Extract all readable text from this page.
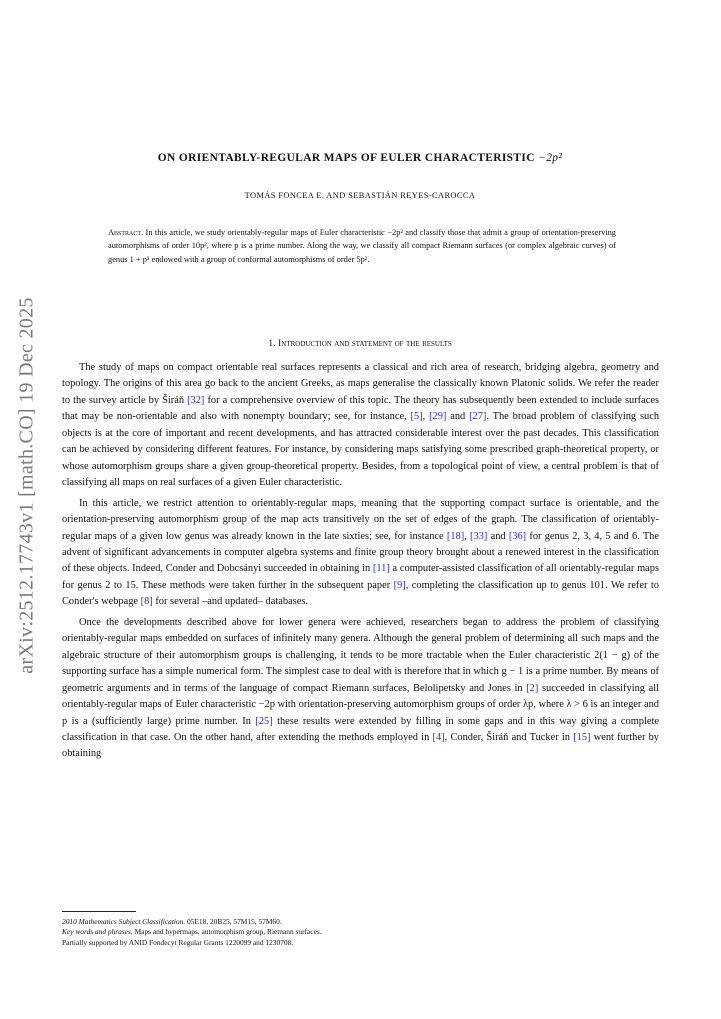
arXiv:2512.17743v1 [math.CO] 19 Dec 2025
ON ORIENTABLY-REGULAR MAPS OF EULER CHARACTERISTIC −2p²
TOMÁS FONCEA E. AND SEBASTIÁN REYES-CAROCCA
Abstract. In this article, we study orientably-regular maps of Euler characteristic −2p² and classify those that admit a group of orientation-preserving automorphisms of order 10p², where p is a prime number. Along the way, we classify all compact Riemann surfaces (or complex algebraic curves) of genus 1 + p² endowed with a group of conformal automorphisms of order 5p².
1. Introduction and statement of the results

The study of maps on compact orientable real surfaces represents a classical and rich area of research, bridging algebra, geometry and topology. The origins of this area go back to the ancient Greeks, as maps generalise the classically known Platonic solids. We refer the reader to the survey article by Širáň [32] for a comprehensive overview of this topic. The theory has subsequently been extended to include surfaces that may be non-orientable and also with nonempty boundary; see, for instance, [5], [29] and [27]. The broad problem of classifying such objects is at the core of important and recent developments, and has attracted considerable interest over the past decades. This classification can be achieved by considering different features. For instance, by considering maps satisfying some prescribed graph-theoretical property, or whose automorphism groups share a given group-theoretical property. Besides, from a topological point of view, a central problem is that of classifying all maps on real surfaces of a given Euler characteristic.

In this article, we restrict attention to orientably-regular maps, meaning that the supporting compact surface is orientable, and the orientation-preserving automorphism group of the map acts transitively on the set of edges of the graph. The classification of orientably-regular maps of a given low genus was already known in the late sixties; see, for instance [18], [33] and [36] for genus 2, 3, 4, 5 and 6. The advent of significant advancements in computer algebra systems and finite group theory brought about a renewed interest in the classification of these objects. Indeed, Conder and Dobcsányi succeeded in obtaining in [11] a computer-assisted classification of all orientably-regular maps for genus 2 to 15. These methods were taken further in the subsequent paper [9], completing the classification up to genus 101. We refer to Conder's webpage [8] for several –and updated– databases.

Once the developments described above for lower genera were achieved, researchers began to address the problem of classifying orientably-regular maps embedded on surfaces of infinitely many genera. Although the general problem of determining all such maps and the algebraic structure of their automorphism groups is challenging, it tends to be more tractable when the Euler characteristic 2(1 − g) of the supporting surface has a simple numerical form. The simplest case to deal with is therefore that in which g − 1 is a prime number. By means of geometric arguments and in terms of the language of compact Riemann surfaces, Belolipetsky and Jones in [2] succeeded in classifying all orientably-regular maps of Euler characteristic −2p with orientation-preserving automorphism groups of order λp, where λ > 6 is an integer and p is a (sufficiently large) prime number. In [25] these results were extended by filling in some gaps and in this way giving a complete classification in that case. On the other hand, after extending the methods employed in [4], Conder, Širáň and Tucker in [15] went further by obtaining

2010 Mathematics Subject Classification. 05E18, 20B25, 57M15, 57M60.
Key words and phrases. Maps and hypermaps, automorphism group, Riemann surfaces.
Partially supported by ANID Fondecyt Regular Grants 1220099 and 1230708.
